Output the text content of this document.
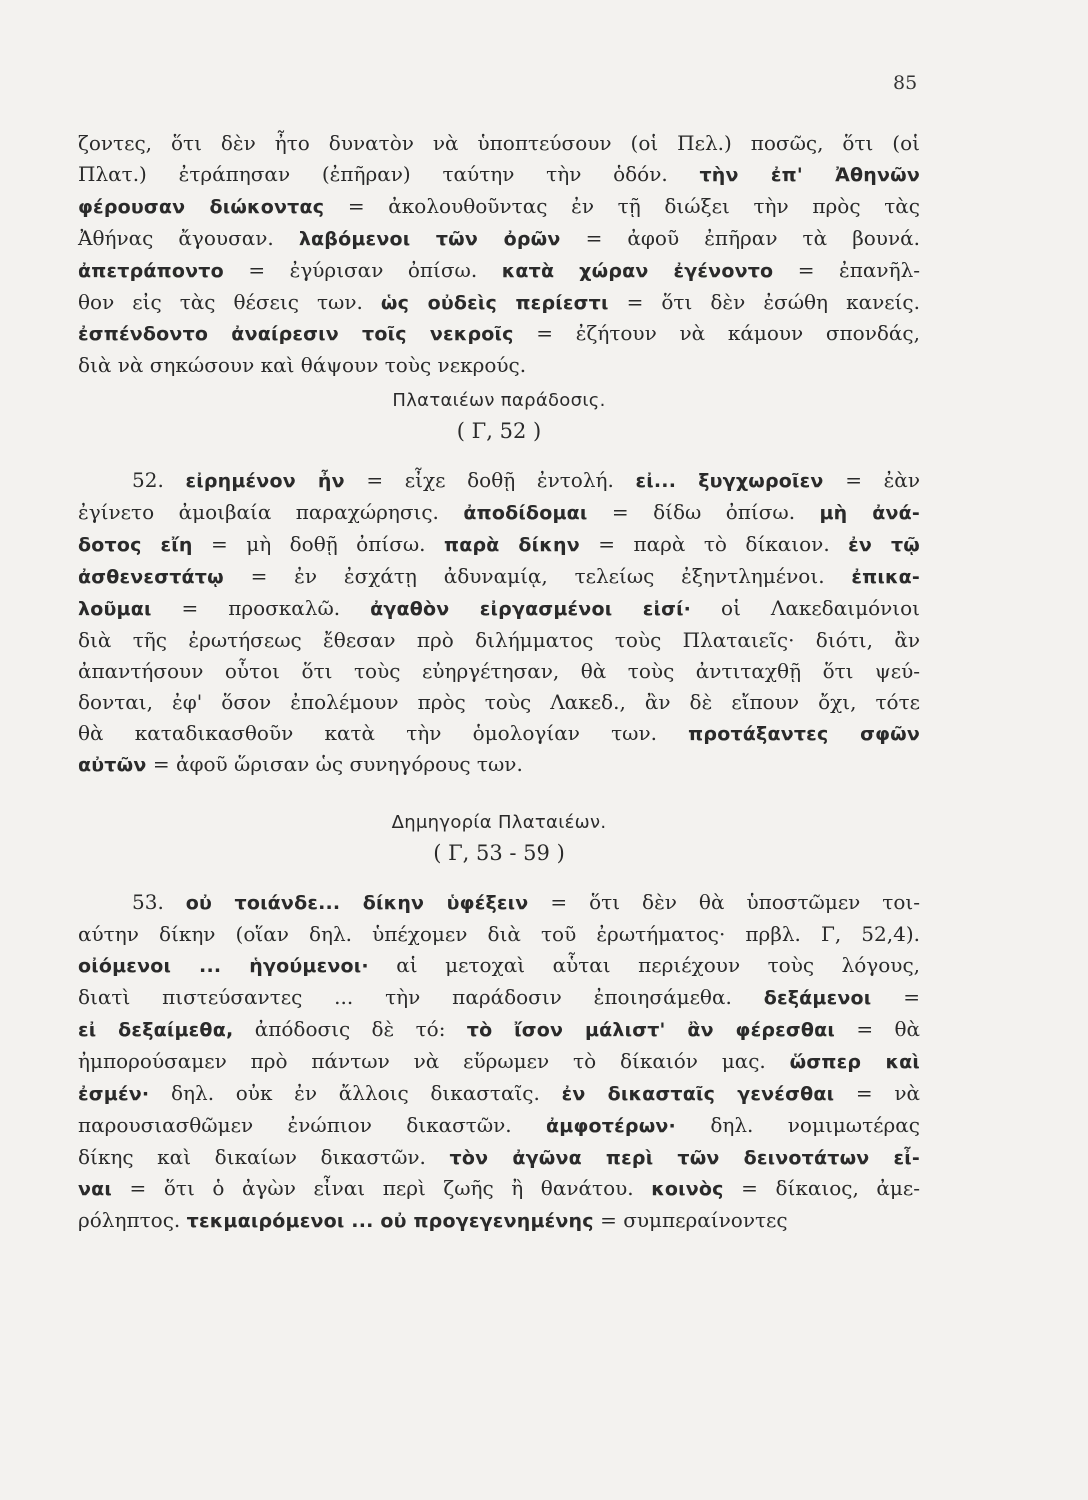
85
ζοντες, ὅτι δὲν ἦτο δυνατὸν νὰ ὑποπτεύσουν (οἱ Πελ.) ποσῶς, ὅτι (οἱ
Πλατ.) ἐτράπησαν (ἐπῆραν) ταύτην τὴν ὁδόν. τὴν ἐπ' Ἀθηνῶν
φέρουσαν διώκοντας = ἀκολουθοῦντας ἐν τῇ διώξει τὴν πρὸς τὰς
Ἀθήνας ἄγουσαν. λαβόμενοι τῶν ὀρῶν = ἀφοῦ ἐπῆραν τὰ βουνά.
ἀπετράποντο = ἐγύρισαν ὀπίσω. κατὰ χώραν ἐγένοντο = ἐπανῆλ-
θον εἰς τὰς θέσεις των. ὡς οὐδεὶς περίεστι = ὅτι δὲν ἐσώθη κανείς.
ἐσπένδοντο ἀναίρεσιν τοῖς νεκροῖς = ἐζήτουν νὰ κάμουν σπονδάς,
διὰ νὰ σηκώσουν καὶ θάψουν τοὺς νεκρούς.
Πλαταιέων παράδοσις.
( Γ, 52 )
52. εἰρημένον ἦν = εἶχε δοθῇ ἐντολή. εἰ... ξυγχωροῖεν = ἐὰν
ἐγίνετο ἀμοιβαία παραχώρησις. ἀποδίδομαι = δίδω ὀπίσω. μὴ ἀνά-
δοτος εἴη = μὴ δοθῇ ὀπίσω. παρὰ δίκην = παρὰ τὸ δίκαιον. ἐν τῷ
ἀσθενεστάτῳ = ἐν ἐσχάτῃ ἀδυναμίᾳ, τελείως ἐξηντλημένοι. ἐπικα-
λοῦμαι = προσκαλῶ. ἀγαθὸν εἰργασμένοι εἰσί· οἱ Λακεδαιμόνιοι
διὰ τῆς ἐρωτήσεως ἔθεσαν πρὸ διλήμματος τοὺς Πλαταιεῖς· διότι, ἂν
ἀπαντήσουν οὗτοι ὅτι τοὺς εὐηργέτησαν, θὰ τοὺς ἀντιταχθῇ ὅτι ψεύ-
δονται, ἐφ' ὅσον ἐπολέμουν πρὸς τοὺς Λακεδ., ἂν δὲ εἴπουν ὄχι, τότε
θὰ καταδικασθοῦν κατὰ τὴν ὁμολογίαν των. προτάξαντες σφῶν
αὐτῶν = ἀφοῦ ὥρισαν ὡς συνηγόρους των.
Δημηγορία Πλαταιέων.
( Γ, 53 - 59 )
53. οὐ τοιάνδε... δίκην ὑφέξειν = ὅτι δὲν θὰ ὑποστῶμεν τοι-
αύτην δίκην (οἵαν δηλ. ὑπέχομεν διὰ τοῦ ἐρωτήματος· πρβλ. Γ, 52,4).
οἰόμενοι ... ἡγούμενοι· αἱ μετοχαὶ αὗται περιέχουν τοὺς λόγους,
διατὶ πιστεύσαντες ... τὴν παράδοσιν ἐποιησάμεθα. δεξάμενοι =
εἰ δεξαίμεθα, ἀπόδοσις δὲ τό: τὸ ἴσον μάλιστ' ἂν φέρεσθαι = θὰ
ἠμπορούσαμεν πρὸ πάντων νὰ εὕρωμεν τὸ δίκαιόν μας. ὥσπερ καὶ
ἐσμέν· δηλ. οὐκ ἐν ἄλλοις δικασταῖς. ἐν δικασταῖς γενέσθαι = νὰ
παρουσιασθῶμεν ἐνώπιον δικαστῶν. ἀμφοτέρων· δηλ. νομιμωτέρας
δίκης καὶ δικαίων δικαστῶν. τὸν ἀγῶνα περὶ τῶν δεινοτάτων εἶ-
ναι = ὅτι ὁ ἀγὼν εἶναι περὶ ζωῆς ἢ θανάτου. κοινὸς = δίκαιος, ἀμε-
ρόληπτος. τεκμαιρόμενοι ... οὐ προγεγενημένης = συμπεραίνοντες
